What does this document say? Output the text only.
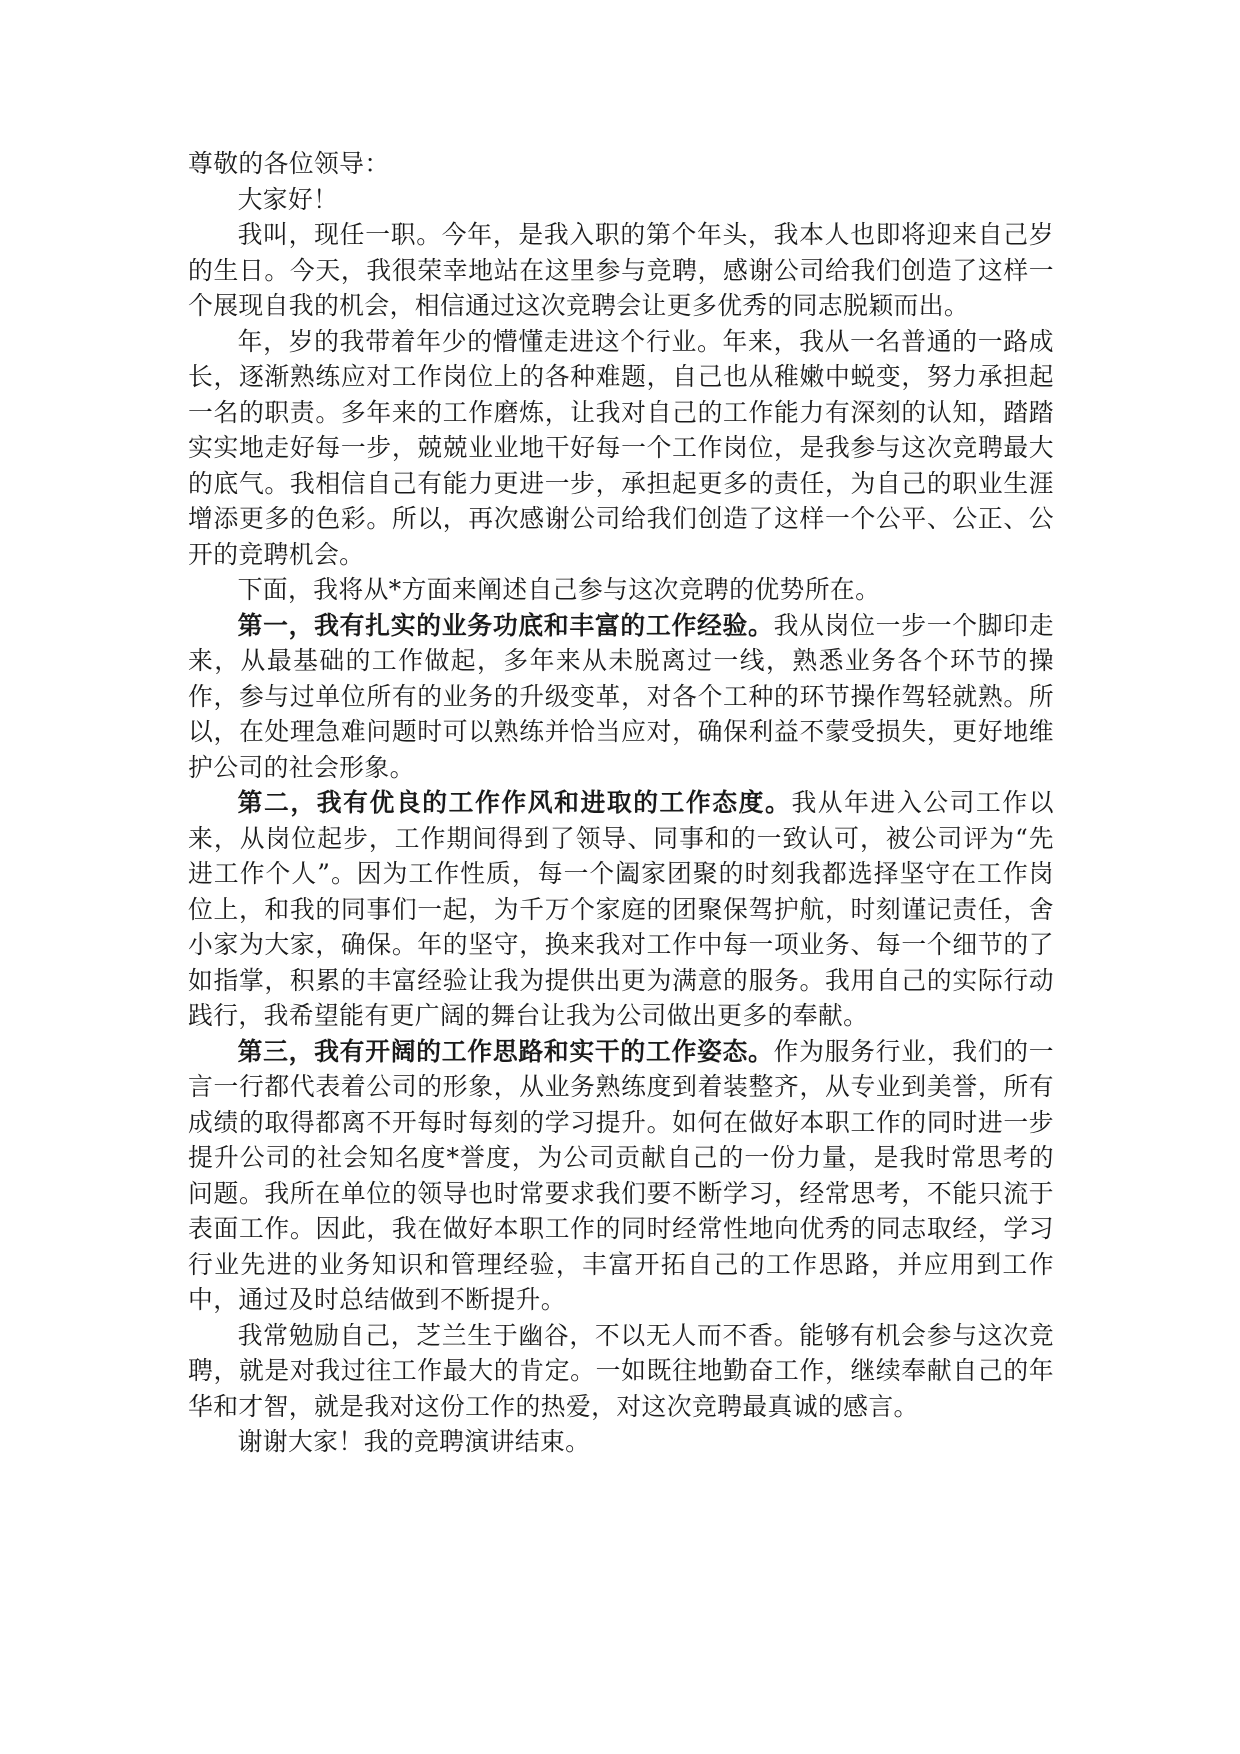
尊敬的各位领导：

大家好！

我叫，现任一职。今年，是我入职的第个年头，我本人也即将迎来自己岁的生日。今天，我很荣幸地站在这里参与竞聘，感谢公司给我们创造了这样一个展现自我的机会，相信通过这次竞聘会让更多优秀的同志脱颖而出。

年，岁的我带着年少的懵懂走进这个行业。年来，我从一名普通的一路成长，逐渐熟练应对工作岗位上的各种难题，自己也从稚嫩中蜕变，努力承担起一名的职责。多年来的工作磨炼，让我对自己的工作能力有深刻的认知，踏踏实实地走好每一步，兢兢业业地干好每一个工作岗位，是我参与这次竞聘最大的底气。我相信自己有能力更进一步，承担起更多的责任，为自己的职业生涯增添更多的色彩。所以，再次感谢公司给我们创造了这样一个公平、公正、公开的竞聘机会。

下面，我将从*方面来阐述自己参与这次竞聘的优势所在。

第一，我有扎实的业务功底和丰富的工作经验。我从岗位一步一个脚印走来，从最基础的工作做起，多年来从未脱离过一线，熟悉业务各个环节的操作，参与过单位所有的业务的升级变革，对各个工种的环节操作驾轻就熟。所以，在处理急难问题时可以熟练并恰当应对，确保利益不蒙受损失，更好地维护公司的社会形象。

第二，我有优良的工作作风和进取的工作态度。我从年进入公司工作以来，从岗位起步，工作期间得到了领导、同事和的一致认可，被公司评为“先进工作个人”。因为工作性质，每一个阖家团聚的时刻我都选择坚守在工作岗位上，和我的同事们一起，为千万个家庭的团聚保驾护航，时刻谨记责任，舍小家为大家，确保。年的坚守，换来我对工作中每一项业务、每一个细节的了如指掌，积累的丰富经验让我为提供出更为满意的服务。我用自己的实际行动践行，我希望能有更广阔的舞台让我为公司做出更多的奉献。

第三，我有开阔的工作思路和实干的工作姿态。作为服务行业，我们的一言一行都代表着公司的形象，从业务熟练度到着装整齐，从专业到美誉，所有成绩的取得都离不开每时每刻的学习提升。如何在做好本职工作的同时进一步提升公司的社会知名度*誉度，为公司贡献自己的一份力量，是我时常思考的问题。我所在单位的领导也时常要求我们要不断学习，经常思考，不能只流于表面工作。因此，我在做好本职工作的同时经常性地向优秀的同志取经，学习行业先进的业务知识和管理经验，丰富开拓自己的工作思路，并应用到工作中，通过及时总结做到不断提升。

我常勉励自己，芝兰生于幽谷，不以无人而不香。能够有机会参与这次竞聘，就是对我过往工作最大的肯定。一如既往地勤奋工作，继续奉献自己的年华和才智，就是我对这份工作的热爱，对这次竞聘最真诚的感言。

谢谢大家！我的竞聘演讲结束。
